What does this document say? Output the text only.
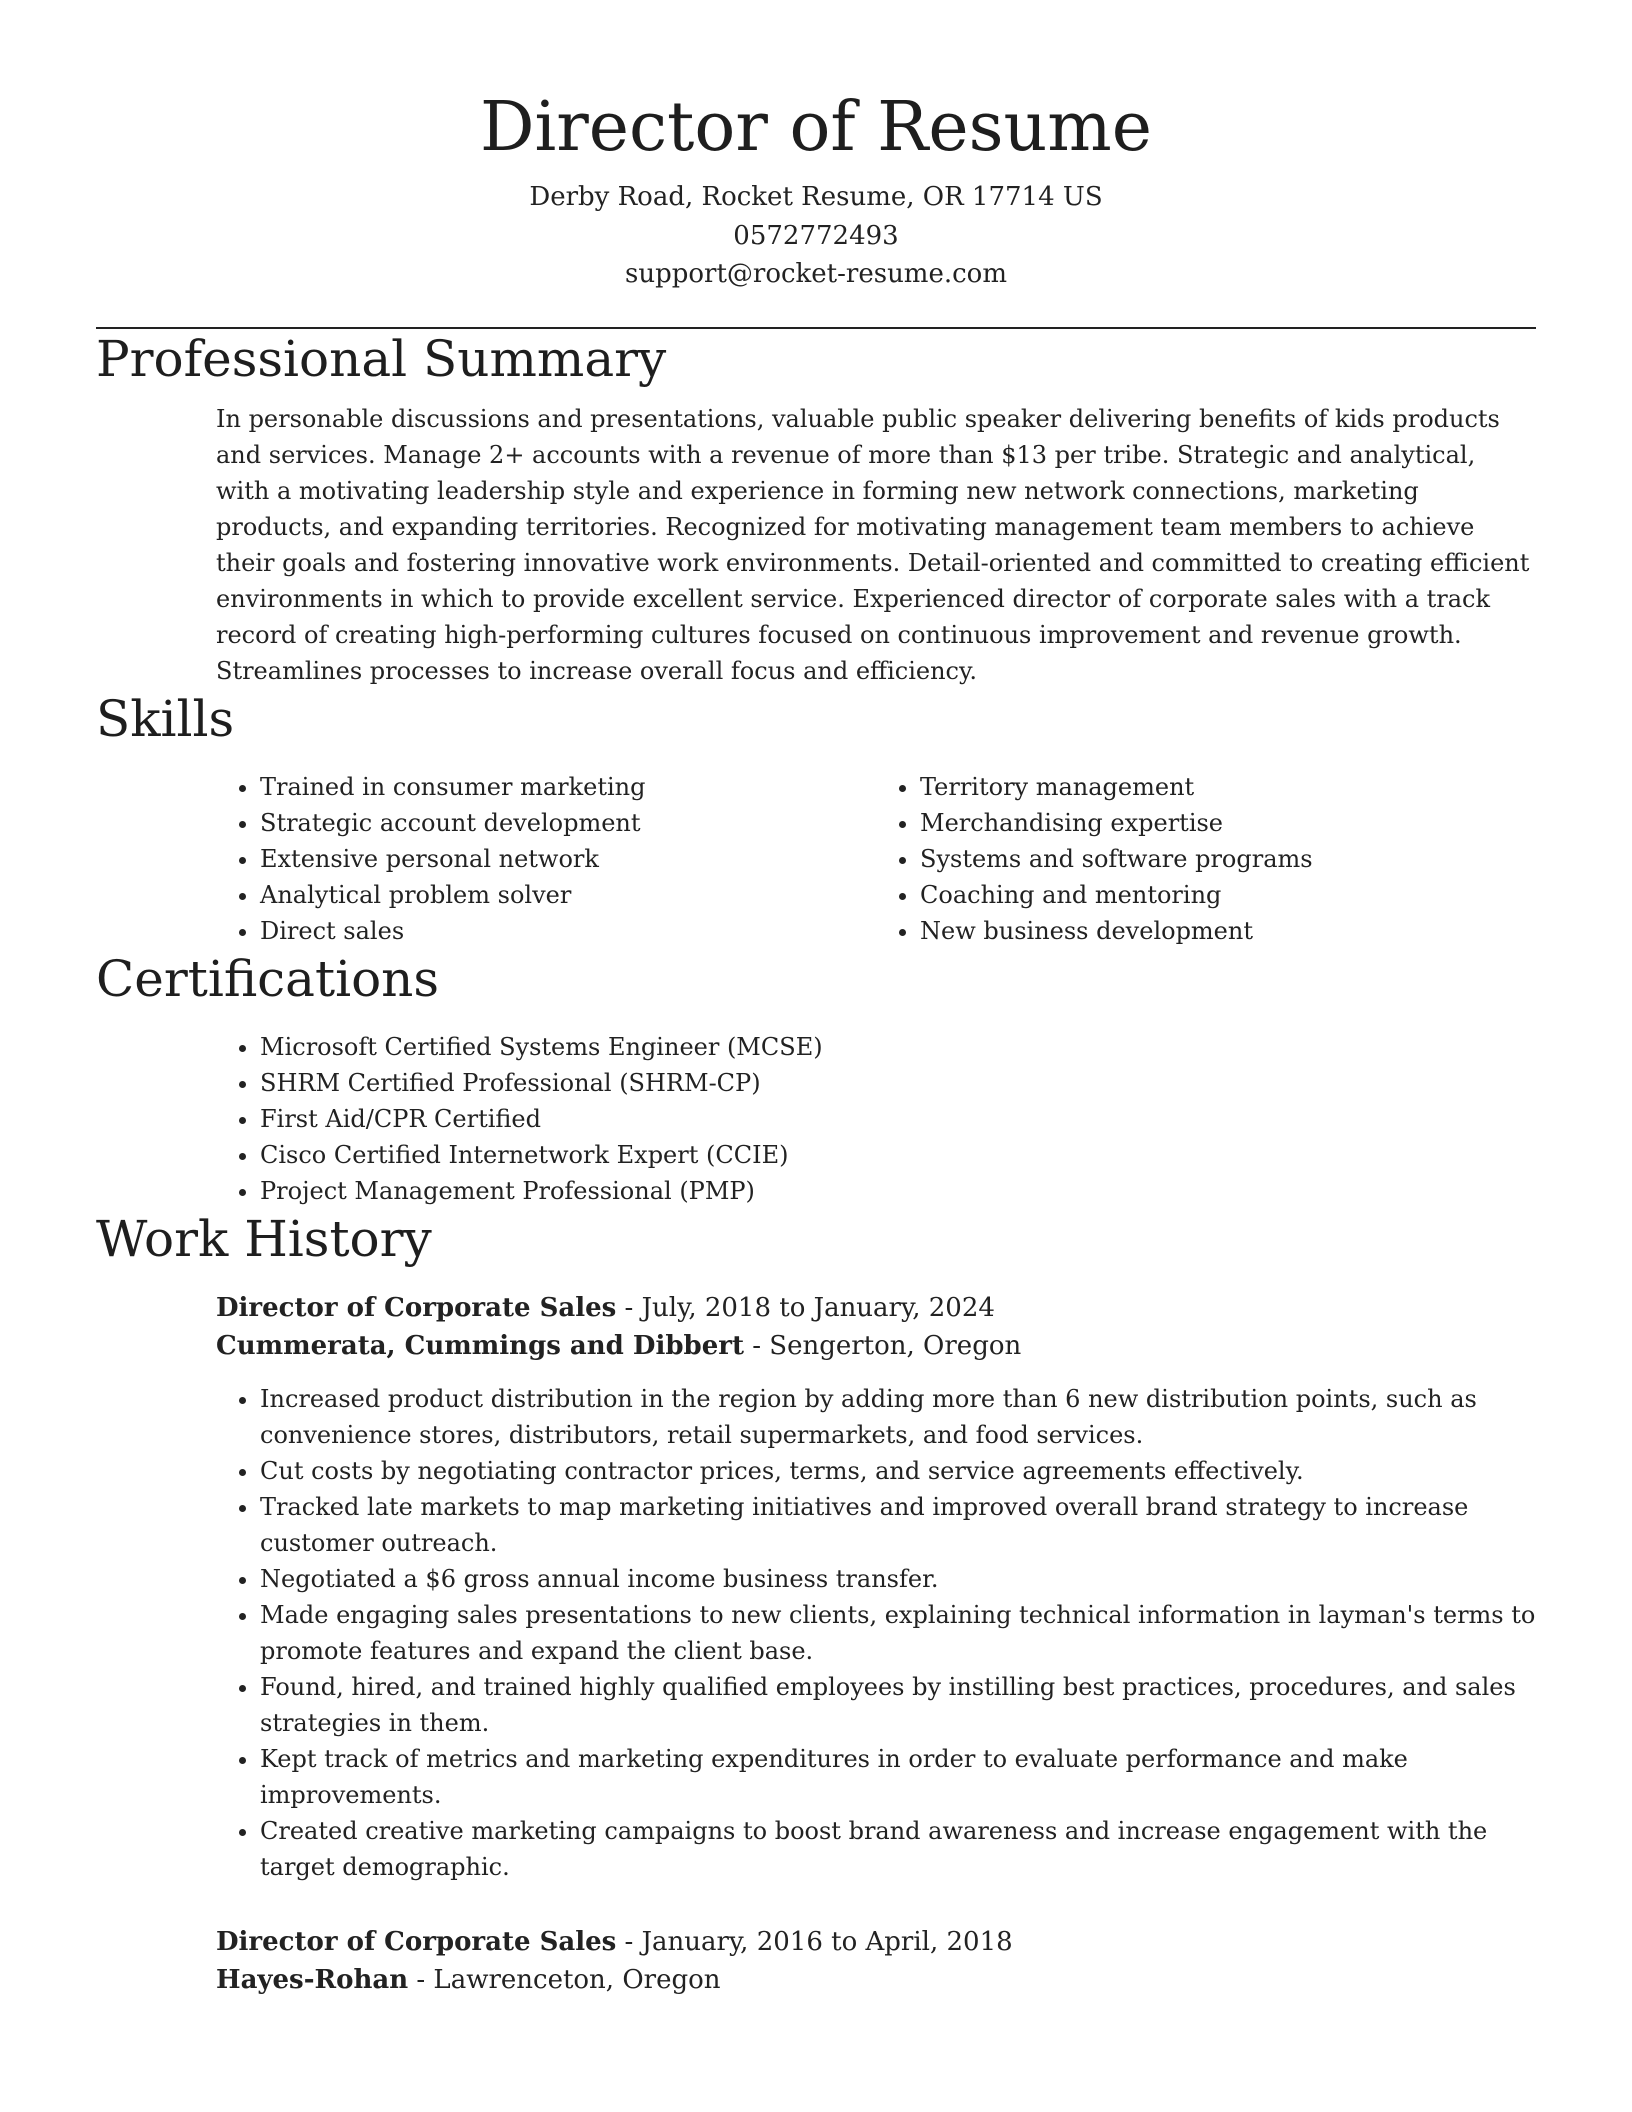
Director of Resume
Derby Road, Rocket Resume, OR 17714 US
0572772493
support@rocket-resume.com
Professional Summary

In personable discussions and presentations, valuable public speaker delivering benefits of kids products and services. Manage 2+ accounts with a revenue of more than $13 per tribe. Strategic and analytical, with a motivating leadership style and experience in forming new network connections, marketing products, and expanding territories. Recognized for motivating management team members to achieve their goals and fostering innovative work environments. Detail-oriented and committed to creating efficient environments in which to provide excellent service. Experienced director of corporate sales with a track record of creating high-performing cultures focused on continuous improvement and revenue growth. Streamlines processes to increase overall focus and efficiency.

Skills
• Trained in consumer marketing
• Strategic account development
• Extensive personal network
• Analytical problem solver
• Direct sales
• Territory management
• Merchandising expertise
• Systems and software programs
• Coaching and mentoring
• New business development
Certifications
• Microsoft Certified Systems Engineer (MCSE)
• SHRM Certified Professional (SHRM-CP)
• First Aid/CPR Certified
• Cisco Certified Internetwork Expert (CCIE)
• Project Management Professional (PMP)
Work History
Director of Corporate Sales - July, 2018 to January, 2024
Cummerata, Cummings and Dibbert - Sengerton, Oregon
• Increased product distribution in the region by adding more than 6 new distribution points, such as convenience stores, distributors, retail supermarkets, and food services.
• Cut costs by negotiating contractor prices, terms, and service agreements effectively.
• Tracked late markets to map marketing initiatives and improved overall brand strategy to increase customer outreach.
• Negotiated a $6 gross annual income business transfer.
• Made engaging sales presentations to new clients, explaining technical information in layman's terms to promote features and expand the client base.
• Found, hired, and trained highly qualified employees by instilling best practices, procedures, and sales strategies in them.
• Kept track of metrics and marketing expenditures in order to evaluate performance and make improvements.
• Created creative marketing campaigns to boost brand awareness and increase engagement with the target demographic.
Director of Corporate Sales - January, 2016 to April, 2018
Hayes-Rohan - Lawrenceton, Oregon
